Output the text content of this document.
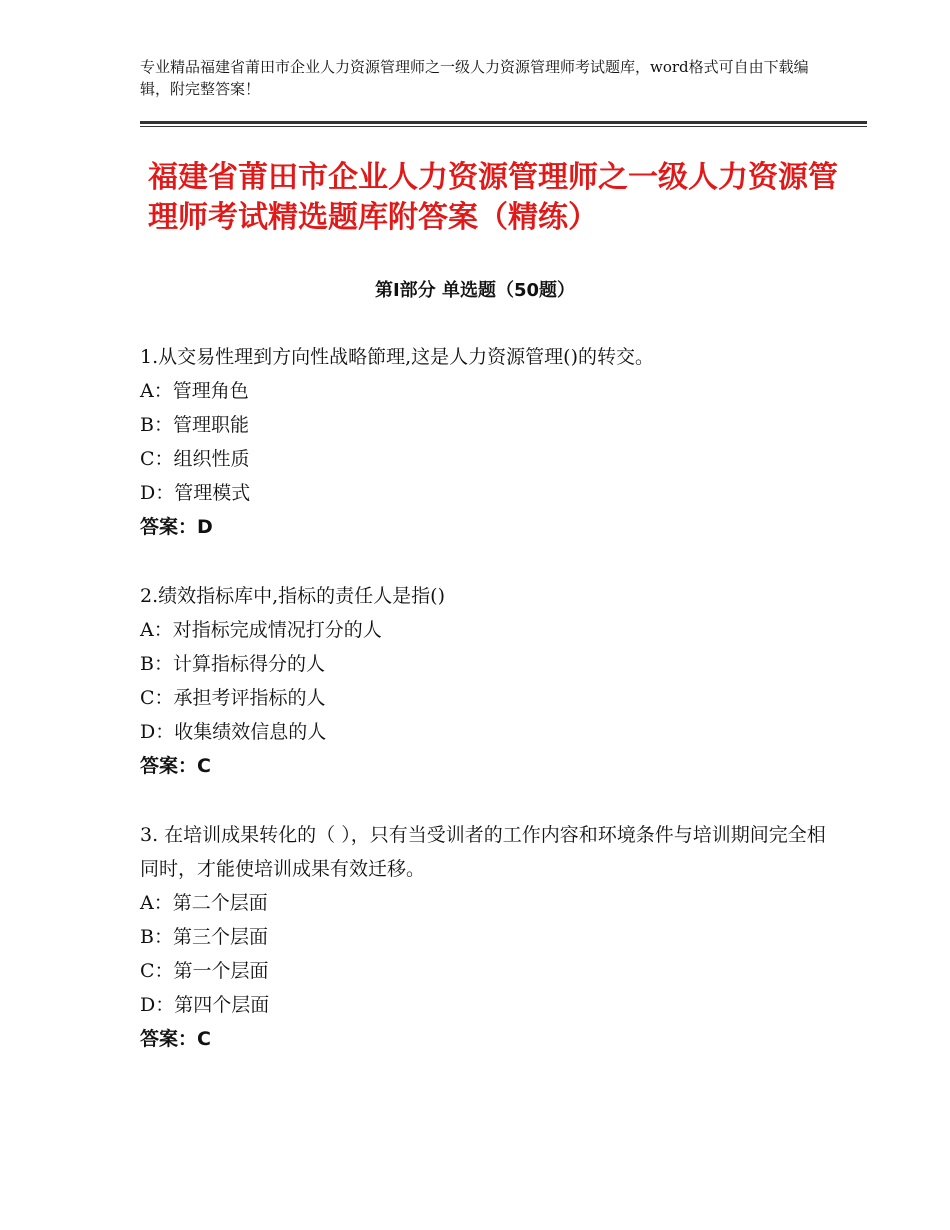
专业精品福建省莆田市企业人力资源管理师之一级人力资源管理师考试题库，word格式可自由下载编辑，附完整答案！
福建省莆田市企业人力资源管理师之一级人力资源管理师考试精选题库附答案（精练）
第Ⅰ部分 单选题（50题）

1.从交易性理到方向性战略節理,这是人力资源管理()的转交。

A：管理角色

B：管理职能

C：组织性质

D：管理模式

答案：D

2.绩效指标库中,指标的责任人是指()

A：对指标完成情况打分的人

B：计算指标得分的人

C：承担考评指标的人

D：收集绩效信息的人

答案：C

3. 在培训成果转化的（ ），只有当受训者的工作内容和环境条件与培训期间完全相同时，才能使培训成果有效迁移。

A：第二个层面

B：第三个层面

C：第一个层面

D：第四个层面

答案：C
